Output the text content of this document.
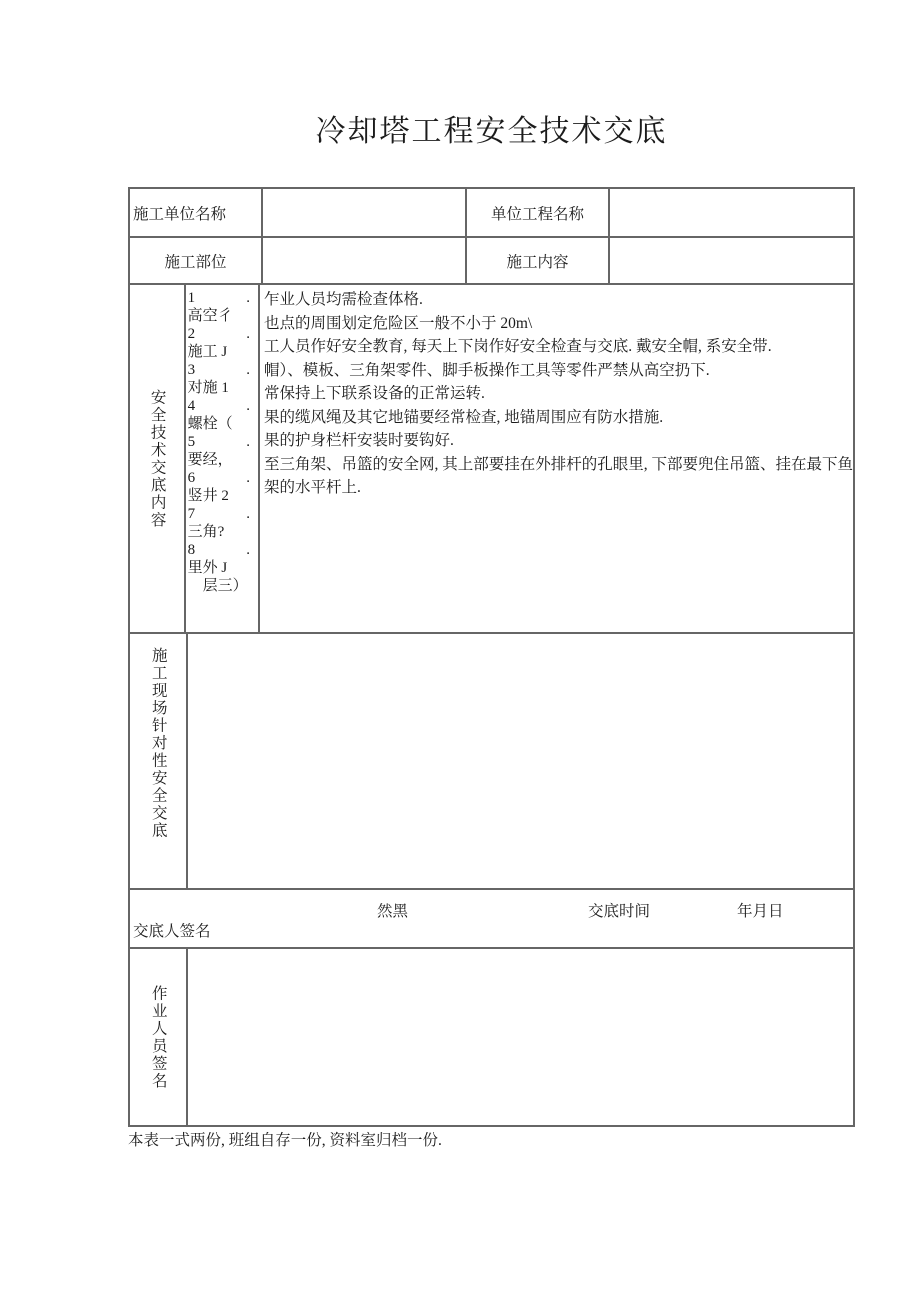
冷却塔工程安全技术交底
施工单位名称	单位工程名称
施工部位	施工内容
安全技术交底内容
1	.
高空彳
2	.
施工 J
3	.
对施 1
4	.
螺栓（
5	.
要经，
6	.
竖井 2
7	.
三角?
8	.
里外 J
　层三）
乍业人员均需检查体格.
也点的周围划定危险区一般不小于 20m\
工人员作好安全教育, 每天上下岗作好安全检查与交底. 戴安全帽, 系安全带.
帽）、模板、三角架零件、脚手板操作工具等零件严禁从高空扔下.
常保持上下联系设备的正常运转.
果的缆风绳及其它地锚要经常检查, 地锚周围应有防水措施.
果的护身栏杆安装时要钩好.
至三角架、吊篮的安全网, 其上部要挂在外排杆的孔眼里, 下部要兜住吊篮、挂在最下鱼
架的水平杆上.
施工现场针对性安全交底
交底人签名
然黑	交底时间	年月日
作业人员签名
本表一式两份, 班组自存一份, 资料室归档一份.
